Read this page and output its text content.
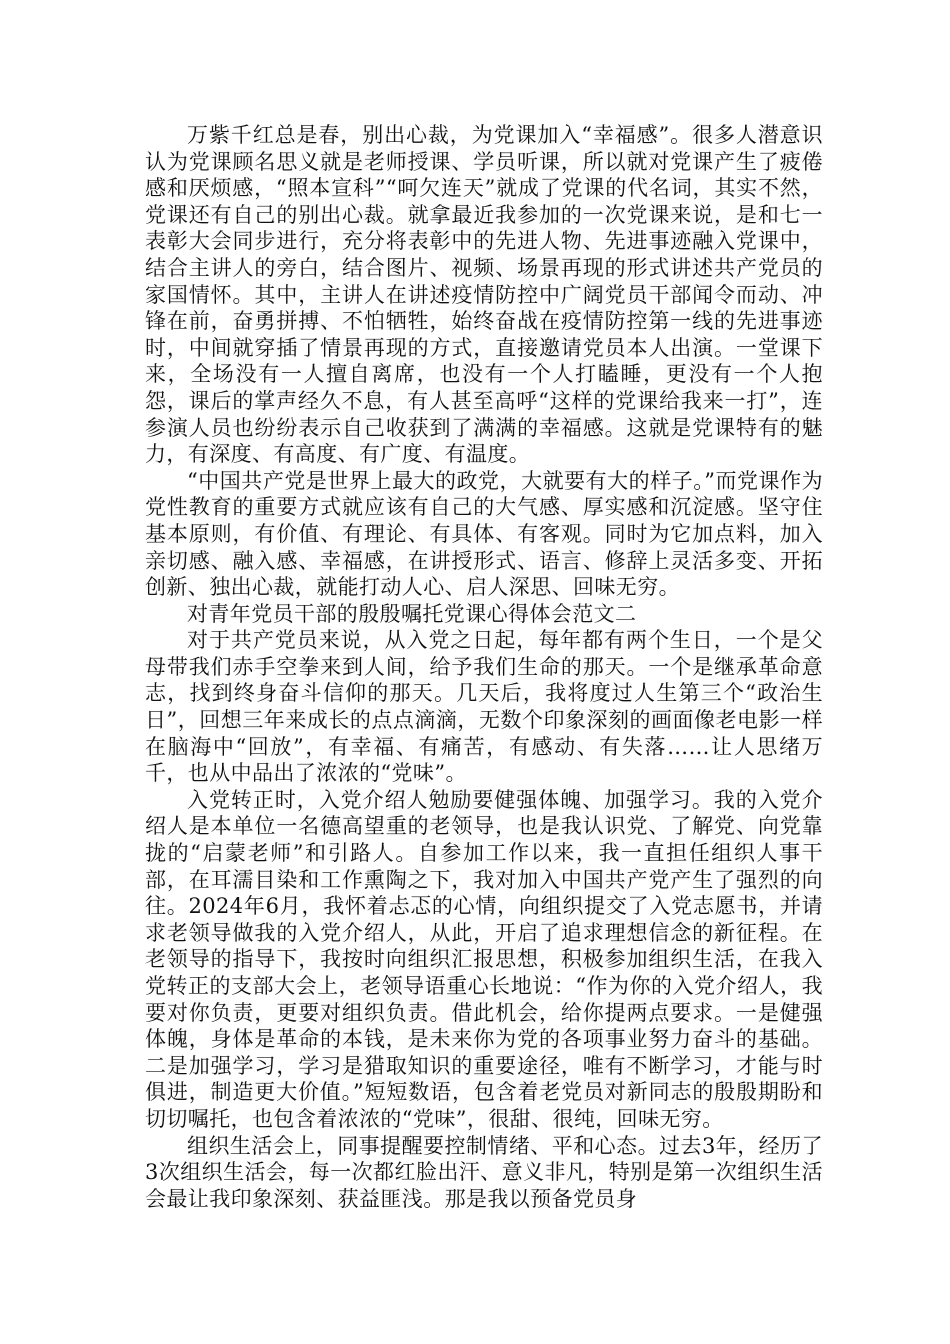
万紫千红总是春，别出心裁，为党课加入“幸福感”。很多人潜意识认为党课顾名思义就是老师授课、学员听课，所以就对党课产生了疲倦感和厌烦感，“照本宣科”“呵欠连天”就成了党课的代名词，其实不然，党课还有自己的别出心裁。就拿最近我参加的一次党课来说，是和七一表彰大会同步进行，充分将表彰中的先进人物、先进事迹融入党课中，结合主讲人的旁白，结合图片、视频、场景再现的形式讲述共产党员的家国情怀。其中，主讲人在讲述疫情防控中广阔党员干部闻令而动、冲锋在前，奋勇拼搏、不怕牺牲，始终奋战在疫情防控第一线的先进事迹时，中间就穿插了情景再现的方式，直接邀请党员本人出演。一堂课下来，全场没有一人擅自离席，也没有一个人打瞌睡，更没有一个人抱怨，课后的掌声经久不息，有人甚至高呼“这样的党课给我来一打”，连参演人员也纷纷表示自己收获到了满满的幸福感。这就是党课特有的魅力，有深度、有高度、有广度、有温度。

“中国共产党是世界上最大的政党，大就要有大的样子。”而党课作为党性教育的重要方式就应该有自己的大气感、厚实感和沉淀感。坚守住基本原则，有价值、有理论、有具体、有客观。同时为它加点料，加入亲切感、融入感、幸福感，在讲授形式、语言、修辞上灵活多变、开拓创新、独出心裁，就能打动人心、启人深思、回味无穷。

对青年党员干部的殷殷嘱托党课心得体会范文二

对于共产党员来说，从入党之日起，每年都有两个生日，一个是父母带我们赤手空拳来到人间，给予我们生命的那天。一个是继承革命意志，找到终身奋斗信仰的那天。几天后，我将度过人生第三个“政治生日”，回想三年来成长的点点滴滴，无数个印象深刻的画面像老电影一样在脑海中“回放”，有幸福、有痛苦，有感动、有失落……让人思绪万千，也从中品出了浓浓的“党味”。

入党转正时，入党介绍人勉励要健强体魄、加强学习。我的入党介绍人是本单位一名德高望重的老领导，也是我认识党、了解党、向党靠拢的“启蒙老师”和引路人。自参加工作以来，我一直担任组织人事干部，在耳濡目染和工作熏陶之下，我对加入中国共产党产生了强烈的向往。2024年6月，我怀着忐忑的心情，向组织提交了入党志愿书，并请求老领导做我的入党介绍人，从此，开启了追求理想信念的新征程。在老领导的指导下，我按时向组织汇报思想，积极参加组织生活，在我入党转正的支部大会上，老领导语重心长地说：“作为你的入党介绍人，我要对你负责，更要对组织负责。借此机会，给你提两点要求。一是健强体魄，身体是革命的本钱，是未来你为党的各项事业努力奋斗的基础。二是加强学习，学习是猎取知识的重要途径，唯有不断学习，才能与时俱进，制造更大价值。”短短数语，包含着老党员对新同志的殷殷期盼和切切嘱托，也包含着浓浓的“党味”，很甜、很纯，回味无穷。

组织生活会上，同事提醒要控制情绪、平和心态。过去3年，经历了3次组织生活会，每一次都红脸出汗、意义非凡，特别是第一次组织生活会最让我印象深刻、获益匪浅。那是我以预备党员身
